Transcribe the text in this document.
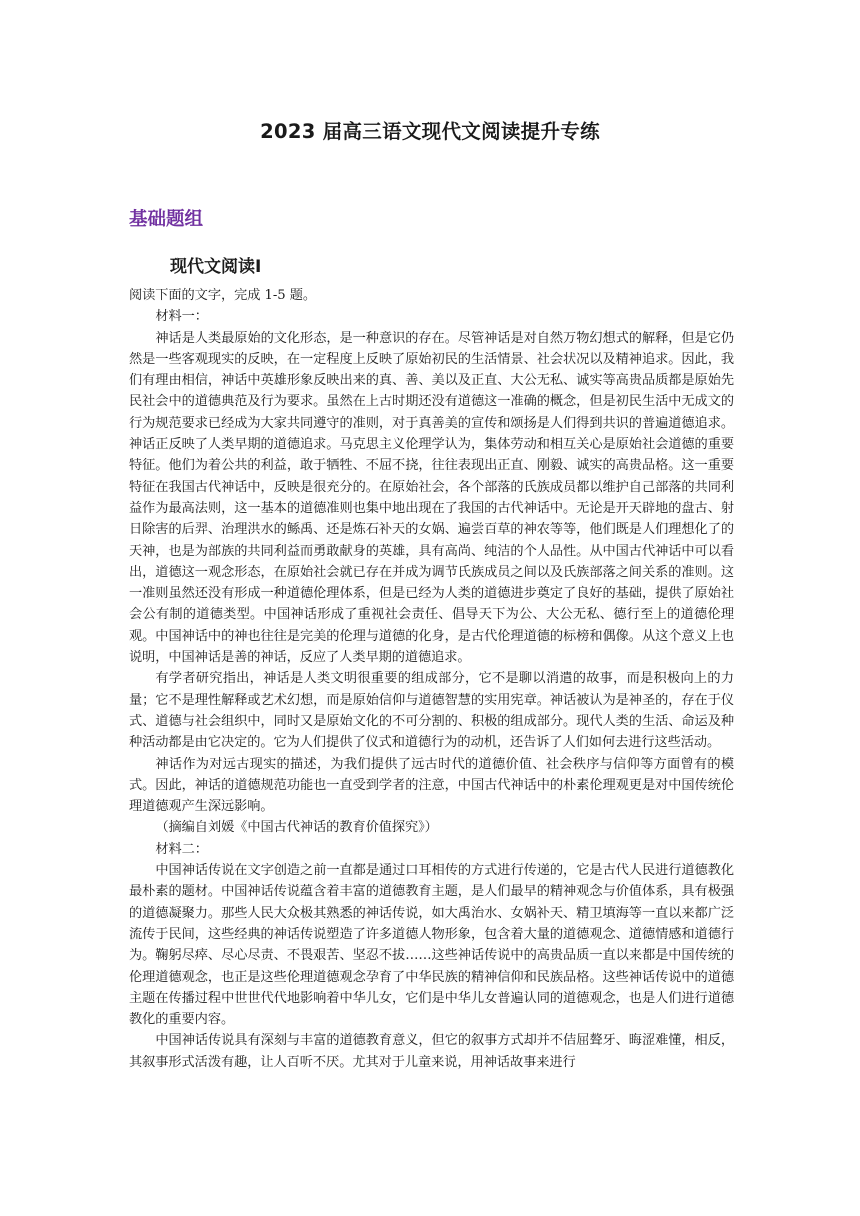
2023 届高三语文现代文阅读提升专练
基础题组
现代文阅读Ⅰ

阅读下面的文字，完成 1-5 题。

材料一：

神话是人类最原始的文化形态，是一种意识的存在。尽管神话是对自然万物幻想式的解释，但是它仍然是一些客观现实的反映，在一定程度上反映了原始初民的生活情景、社会状况以及精神追求。因此，我们有理由相信，神话中英雄形象反映出来的真、善、美以及正直、大公无私、诚实等高贵品质都是原始先民社会中的道德典范及行为要求。虽然在上古时期还没有道德这一准确的概念，但是初民生活中无成文的行为规范要求已经成为大家共同遵守的准则，对于真善美的宣传和颂扬是人们得到共识的普遍道德追求。神话正反映了人类早期的道德追求。马克思主义伦理学认为，集体劳动和相互关心是原始社会道德的重要特征。他们为着公共的利益，敢于牺牲、不屈不挠，往往表现出正直、刚毅、诚实的高贵品格。这一重要特征在我国古代神话中，反映是很充分的。在原始社会，各个部落的氏族成员都以维护自己部落的共同利益作为最高法则，这一基本的道德准则也集中地出现在了我国的古代神话中。无论是开天辟地的盘古、射日除害的后羿、治理洪水的鲧禹、还是炼石补天的女娲、遍尝百草的神农等等，他们既是人们理想化了的天神，也是为部族的共同利益而勇敢献身的英雄，具有高尚、纯洁的个人品性。从中国古代神话中可以看出，道德这一观念形态，在原始社会就已存在并成为调节氏族成员之间以及氏族部落之间关系的准则。这一准则虽然还没有形成一种道德伦理体系，但是已经为人类的道德进步奠定了良好的基础，提供了原始社会公有制的道德类型。中国神话形成了重视社会责任、倡导天下为公、大公无私、德行至上的道德伦理观。中国神话中的神也往往是完美的伦理与道德的化身，是古代伦理道德的标榜和偶像。从这个意义上也说明，中国神话是善的神话，反应了人类早期的道德追求。

有学者研究指出，神话是人类文明很重要的组成部分，它不是聊以消遣的故事，而是积极向上的力量；它不是理性解释或艺术幻想，而是原始信仰与道德智慧的实用宪章。神话被认为是神圣的，存在于仪式、道德与社会组织中，同时又是原始文化的不可分割的、积极的组成部分。现代人类的生活、命运及种种活动都是由它决定的。它为人们提供了仪式和道德行为的动机，还告诉了人们如何去进行这些活动。

神话作为对远古现实的描述，为我们提供了远古时代的道德价值、社会秩序与信仰等方面曾有的模式。因此，神话的道德规范功能也一直受到学者的注意，中国古代神话中的朴素伦理观更是对中国传统伦理道德观产生深远影响。

（摘编自刘媛《中国古代神话的教育价值探究》）

材料二：

中国神话传说在文字创造之前一直都是通过口耳相传的方式进行传递的，它是古代人民进行道德教化最朴素的题材。中国神话传说蕴含着丰富的道德教育主题，是人们最早的精神观念与价值体系，具有极强的道德凝聚力。那些人民大众极其熟悉的神话传说，如大禹治水、女娲补天、精卫填海等一直以来都广泛流传于民间，这些经典的神话传说塑造了许多道德人物形象，包含着大量的道德观念、道德情感和道德行为。鞠躬尽瘁、尽心尽责、不畏艰苦、坚忍不拔……这些神话传说中的高贵品质一直以来都是中国传统的伦理道德观念，也正是这些伦理道德观念孕育了中华民族的精神信仰和民族品格。这些神话传说中的道德主题在传播过程中世世代代地影响着中华儿女，它们是中华儿女普遍认同的道德观念，也是人们进行道德教化的重要内容。

中国神话传说具有深刻与丰富的道德教育意义，但它的叙事方式却并不佶屈聱牙、晦涩难懂，相反，其叙事形式活泼有趣，让人百听不厌。尤其对于儿童来说，用神话故事来进行
